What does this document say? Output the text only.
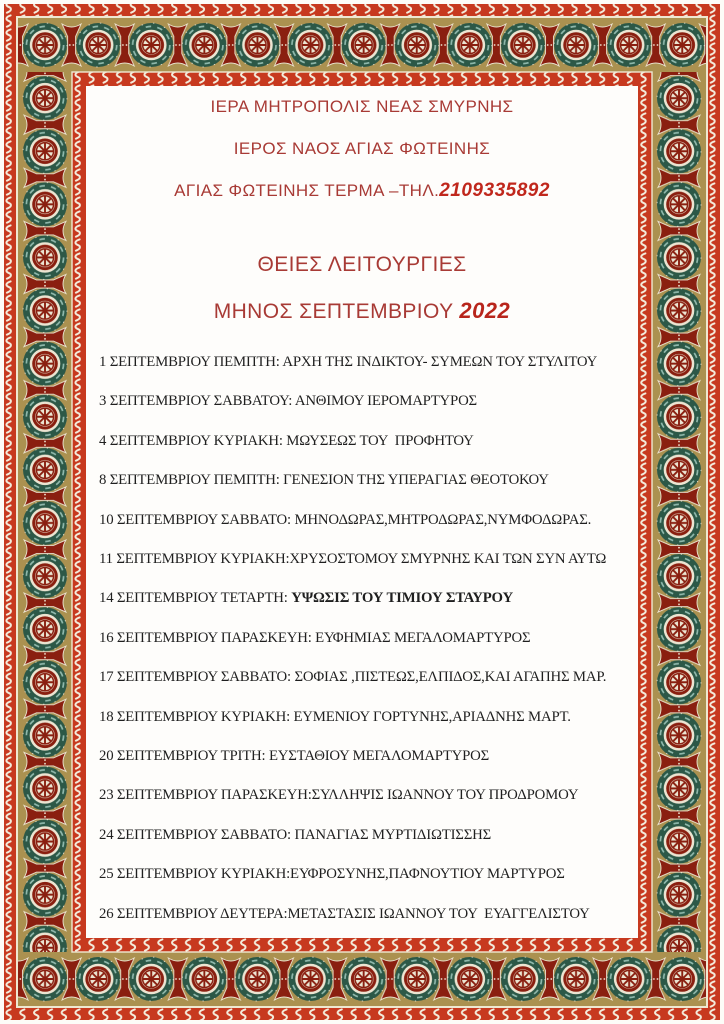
ΙΕΡΑ ΜΗΤΡΟΠΟΛΙΣ ΝΕΑΣ ΣΜΥΡΝΗΣ
ΙΕΡΟΣ ΝΑΟΣ ΑΓΙΑΣ ΦΩΤΕΙΝΗΣ
ΑΓΙΑΣ ΦΩΤΕΙΝΗΣ ΤΕΡΜΑ –ΤΗΛ.2109335892
ΘΕΙΕΣ ΛΕΙΤΟΥΡΓΙΕΣ
ΜΗΝΟΣ ΣΕΠΤΕΜΒΡΙΟΥ 2022
1 ΣΕΠΤΕΜΒΡΙΟΥ ΠΕΜΠΤΗ: ΑΡΧΗ ΤΗΣ ΙΝΔΙΚΤΟΥ- ΣΥΜΕΩΝ ΤΟΥ ΣΤΥΛΙΤΟΥ
3 ΣΕΠΤΕΜΒΡΙΟΥ ΣΑΒΒΑΤΟΥ: ΑΝΘΙΜΟΥ ΙΕΡΟΜΑΡΤΥΡΟΣ
4 ΣΕΠΤΕΜΒΡΙΟΥ ΚΥΡΙΑΚΗ: ΜΩΥΣΕΩΣ ΤΟΥ  ΠΡΟΦΗΤΟΥ
8 ΣΕΠΤΕΜΒΡΙΟΥ ΠΕΜΠΤΗ: ΓΕΝΕΣΙΟΝ ΤΗΣ ΥΠΕΡΑΓΙΑΣ ΘΕΟΤΟΚΟΥ
10 ΣΕΠΤΕΜΒΡΙΟΥ ΣΑΒΒΑΤΟ: ΜΗΝΟΔΩΡΑΣ,ΜΗΤΡΟΔΩΡΑΣ,ΝΥΜΦΟΔΩΡΑΣ.
11 ΣΕΠΤΕΜΒΡΙΟΥ ΚΥΡΙΑΚΗ:ΧΡΥΣΟΣΤΟΜΟΥ ΣΜΥΡΝΗΣ ΚΑΙ ΤΩΝ ΣΥΝ ΑΥΤΩ
14 ΣΕΠΤΕΜΒΡΙΟΥ ΤΕΤΑΡΤΗ: ΥΨΩΣΙΣ ΤΟΥ ΤΙΜΙΟΥ ΣΤΑΥΡΟΥ
16 ΣΕΠΤΕΜΒΡΙΟΥ ΠΑΡΑΣΚΕΥΗ: ΕΥΦΗΜΙΑΣ ΜΕΓΑΛΟΜΑΡΤΥΡΟΣ
17 ΣΕΠΤΕΜΒΡΙΟΥ ΣΑΒΒΑΤΟ: ΣΟΦΙΑΣ ,ΠΙΣΤΕΩΣ,ΕΛΠΙΔΟΣ,ΚΑΙ ΑΓΑΠΗΣ ΜΑΡ.
18 ΣΕΠΤΕΜΒΡΙΟΥ ΚΥΡΙΑΚΗ: ΕΥΜΕΝΙΟΥ ΓΟΡΤΥΝΗΣ,ΑΡΙΑΔΝΗΣ ΜΑΡΤ.
20 ΣΕΠΤΕΜΒΡΙΟΥ ΤΡΙΤΗ: ΕΥΣΤΑΘΙΟΥ ΜΕΓΑΛΟΜΑΡΤΥΡΟΣ
23 ΣΕΠΤΕΜΒΡΙΟΥ ΠΑΡΑΣΚΕΥΗ:ΣΥΛΛΗΨΙΣ ΙΩΑΝΝΟΥ ΤΟΥ ΠΡΟΔΡΟΜΟΥ
24 ΣΕΠΤΕΜΒΡΙΟΥ ΣΑΒΒΑΤΟ: ΠΑΝΑΓΙΑΣ ΜΥΡΤΙΔΙΩΤΙΣΣΗΣ
25 ΣΕΠΤΕΜΒΡΙΟΥ ΚΥΡΙΑΚΗ:ΕΥΦΡΟΣΥΝΗΣ,ΠΑΦΝΟΥΤΙΟΥ ΜΑΡΤΥΡΟΣ
26 ΣΕΠΤΕΜΒΡΙΟΥ ΔΕΥΤΕΡΑ:ΜΕΤΑΣΤΑΣΙΣ ΙΩΑΝΝΟΥ ΤΟΥ  ΕΥΑΓΓΕΛΙΣΤΟΥ
